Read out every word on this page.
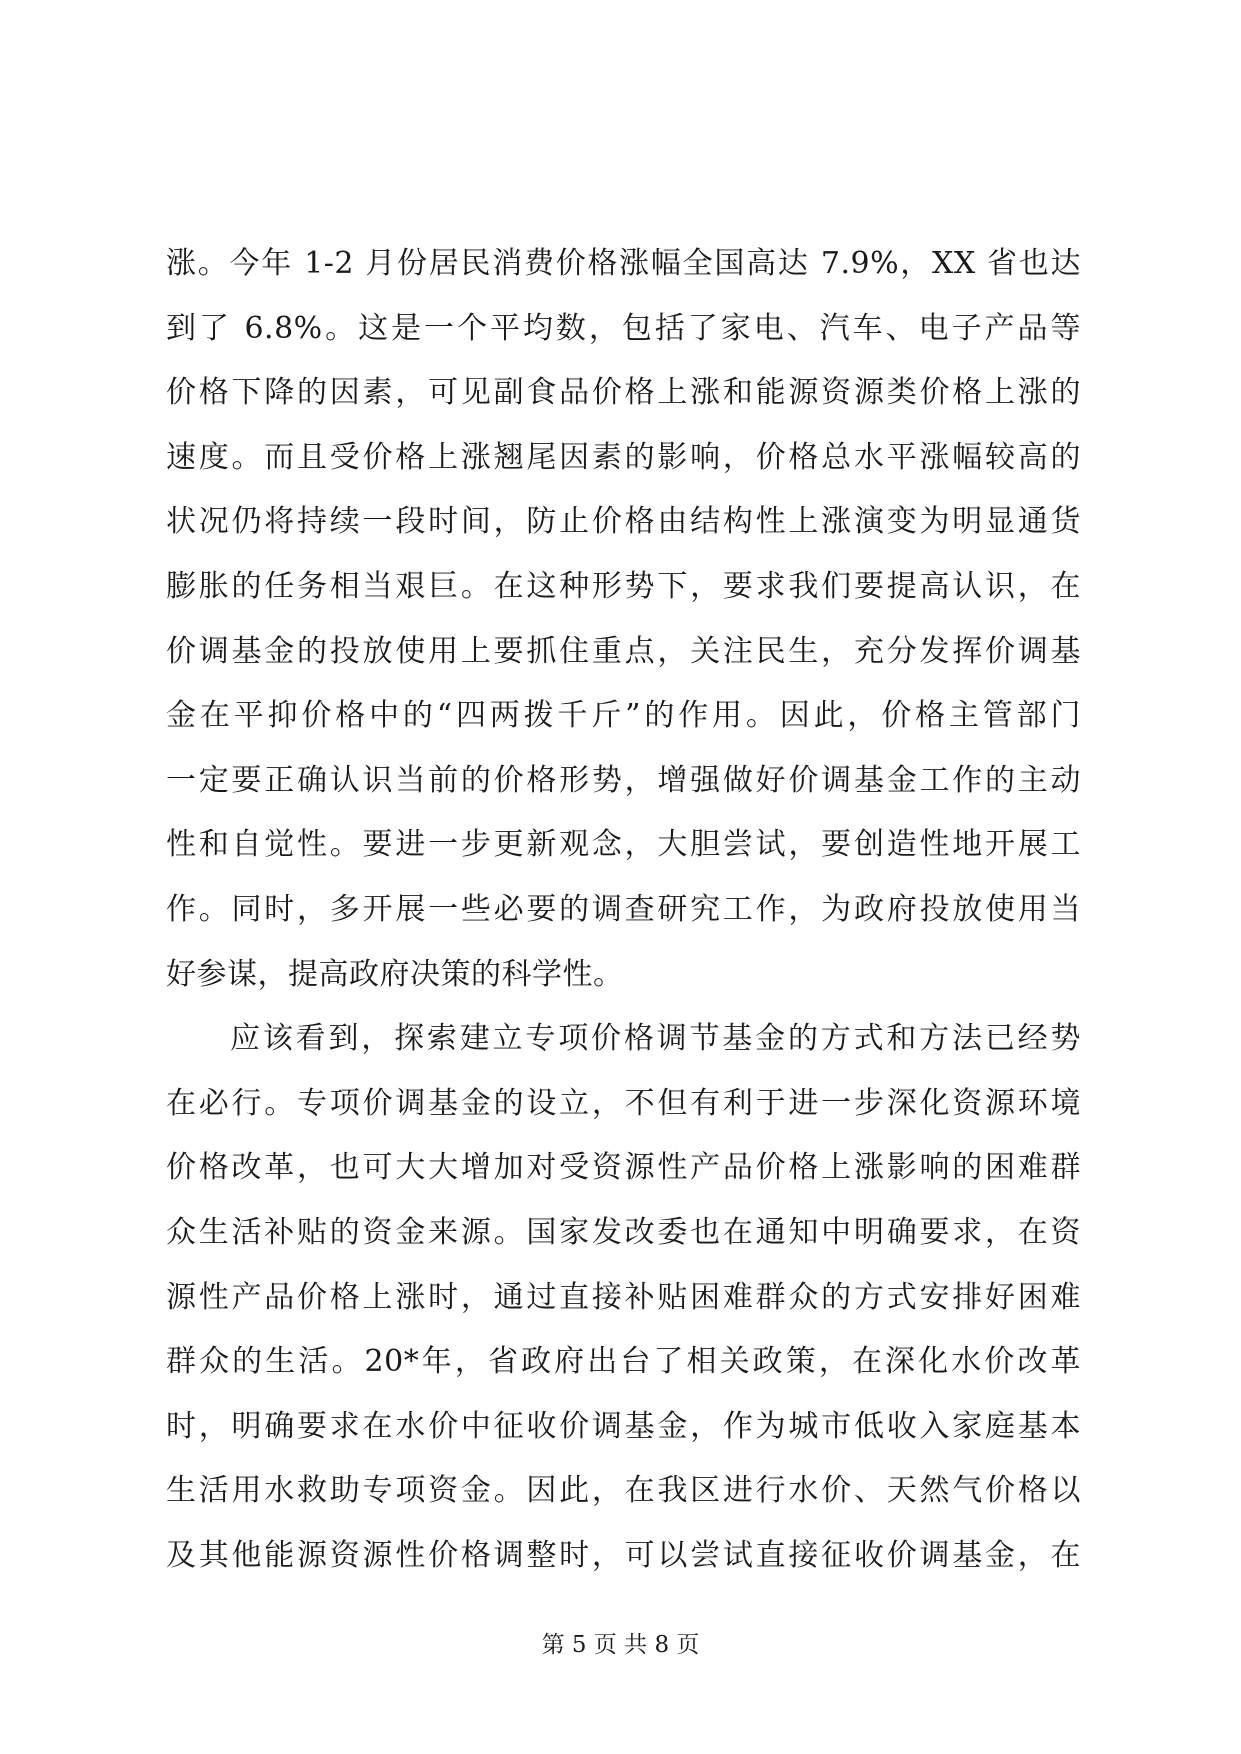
涨。今年 1-2 月份居民消费价格涨幅全国高达 7.9%，XX 省也达
到了 6.8%。这是一个平均数，包括了家电、汽车、电子产品等
价格下降的因素，可见副食品价格上涨和能源资源类价格上涨的
速度。而且受价格上涨翘尾因素的影响，价格总水平涨幅较高的
状况仍将持续一段时间，防止价格由结构性上涨演变为明显通货
膨胀的任务相当艰巨。在这种形势下，要求我们要提高认识，在
价调基金的投放使用上要抓住重点，关注民生，充分发挥价调基
金在平抑价格中的“四两拨千斤”的作用。因此，价格主管部门
一定要正确认识当前的价格形势，增强做好价调基金工作的主动
性和自觉性。要进一步更新观念，大胆尝试，要创造性地开展工
作。同时，多开展一些必要的调查研究工作，为政府投放使用当
好参谋，提高政府决策的科学性。
应该看到，探索建立专项价格调节基金的方式和方法已经势
在必行。专项价调基金的设立，不但有利于进一步深化资源环境
价格改革，也可大大增加对受资源性产品价格上涨影响的困难群
众生活补贴的资金来源。国家发改委也在通知中明确要求，在资
源性产品价格上涨时，通过直接补贴困难群众的方式安排好困难
群众的生活。20*年，省政府出台了相关政策，在深化水价改革
时，明确要求在水价中征收价调基金，作为城市低收入家庭基本
生活用水救助专项资金。因此，在我区进行水价、天然气价格以
及其他能源资源性价格调整时，可以尝试直接征收价调基金，在
第 5 页 共 8 页
